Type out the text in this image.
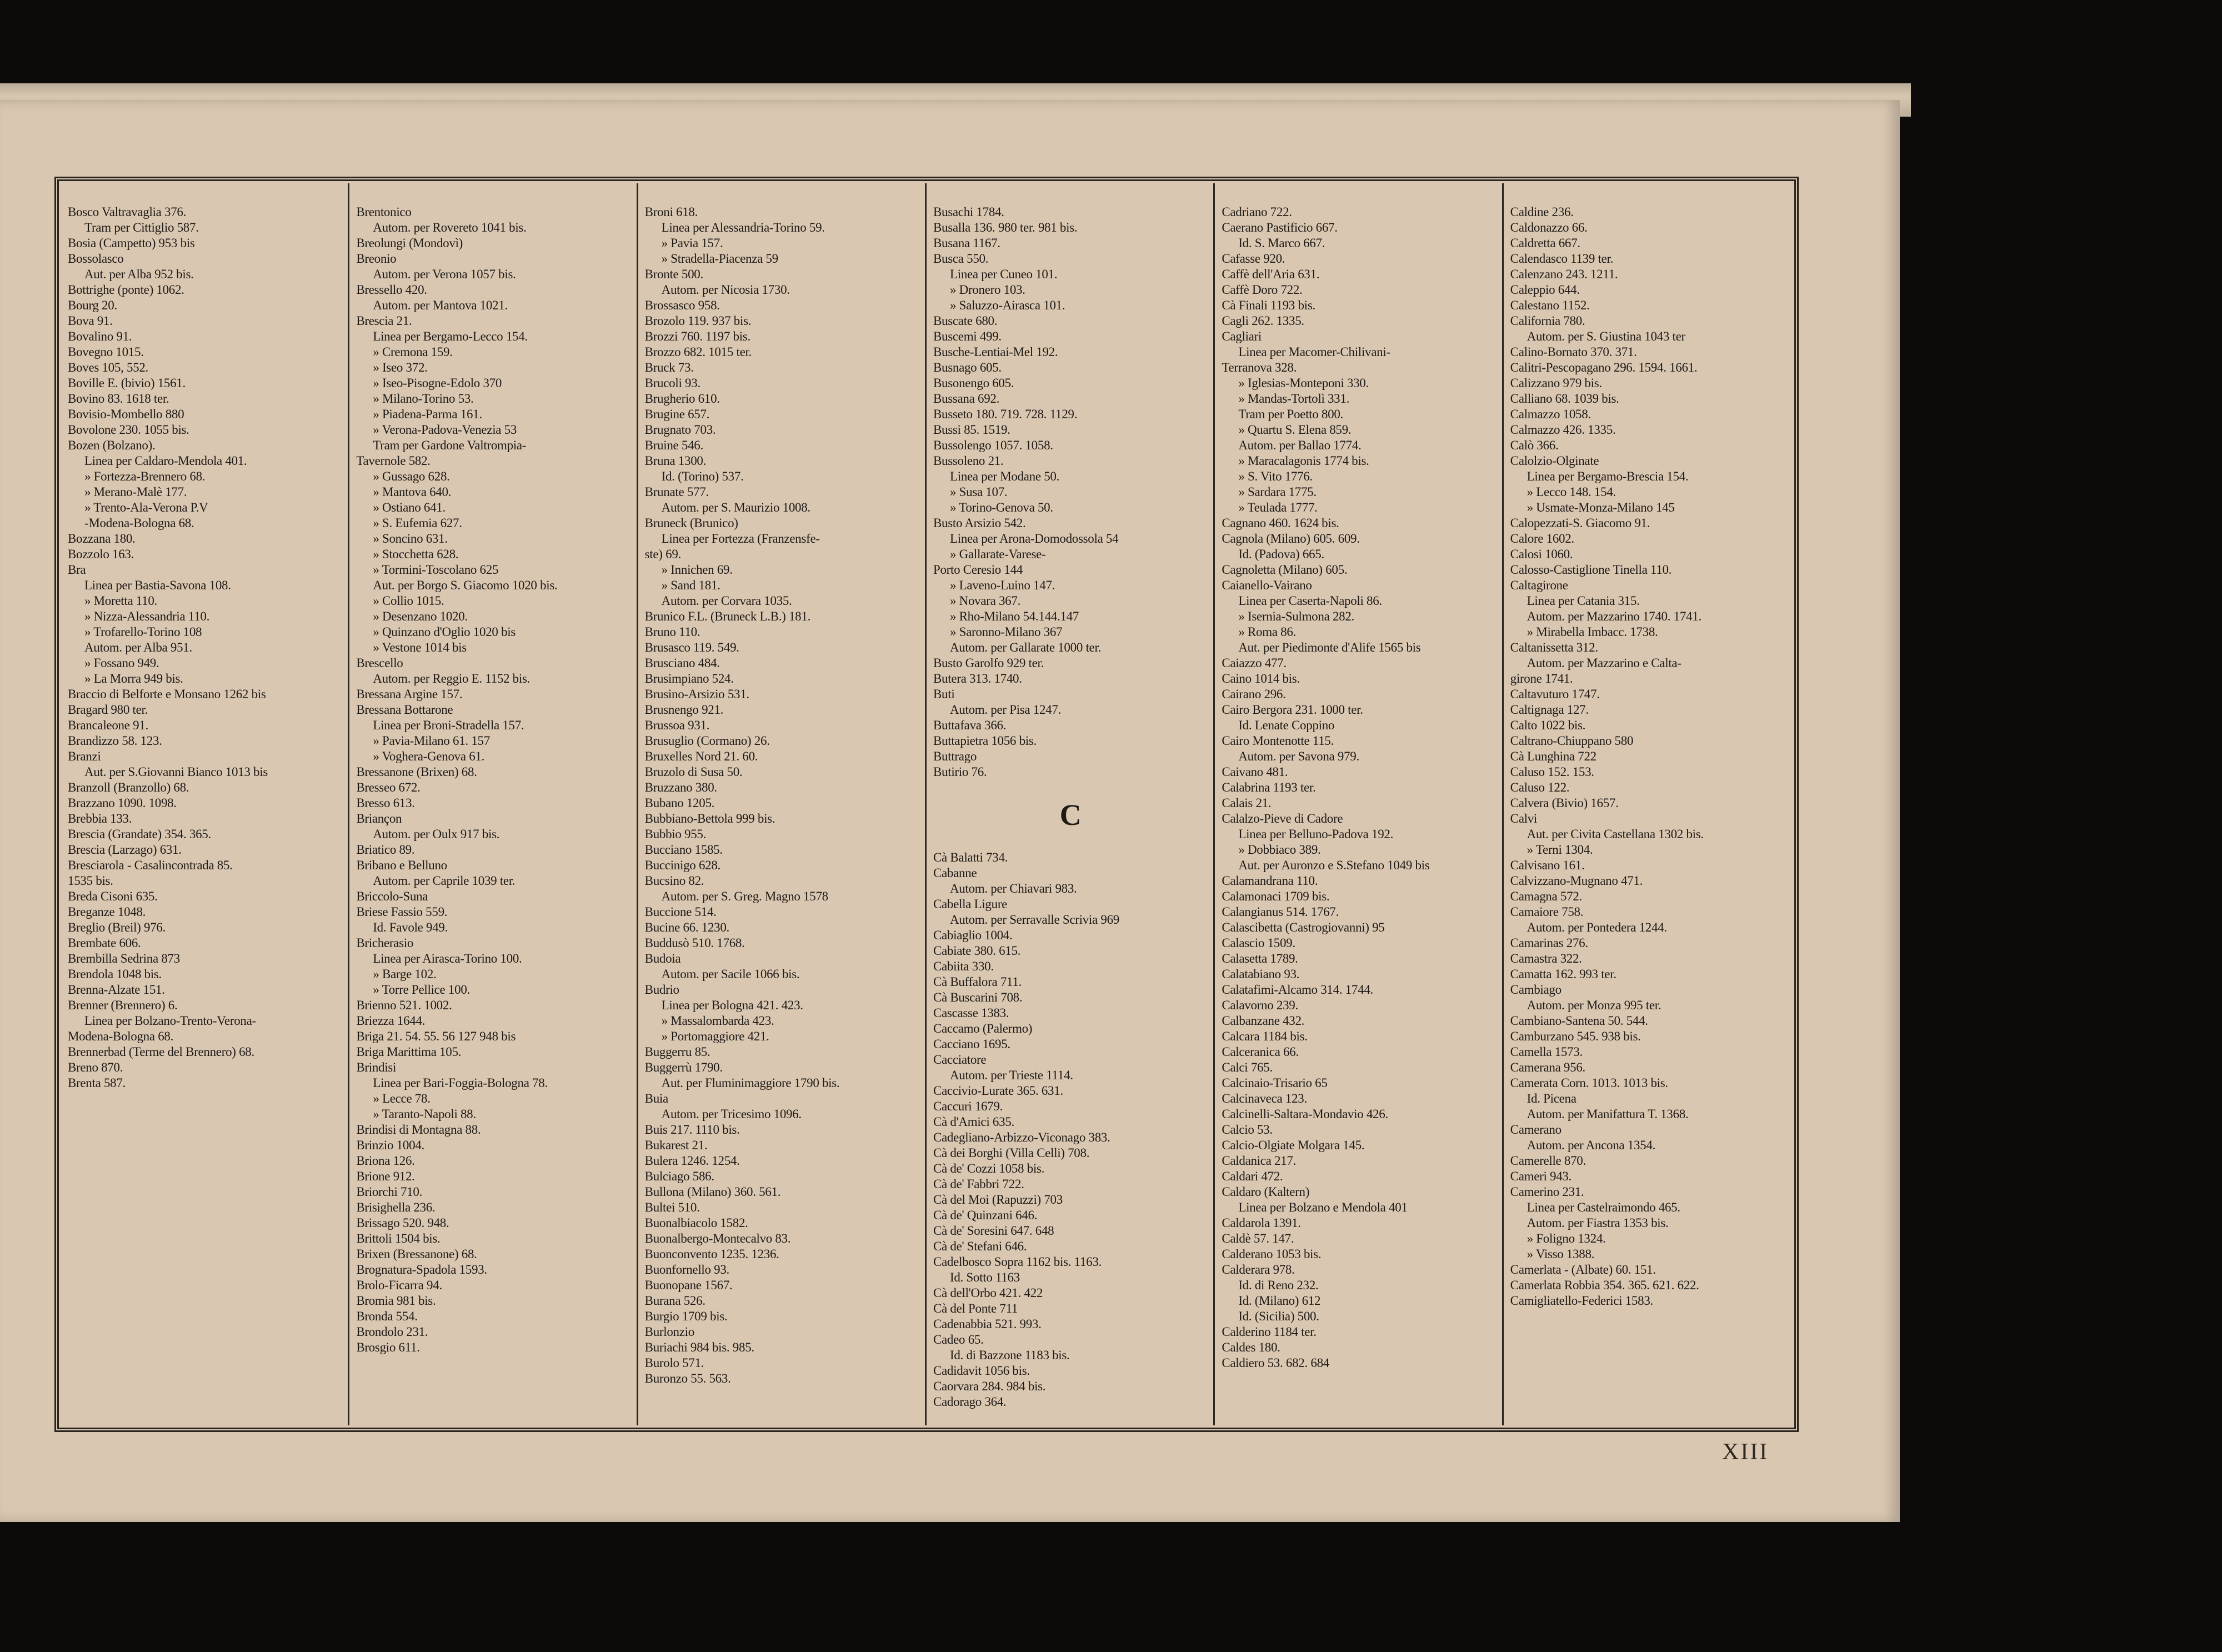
Bosco Valtravaglia 376.
Tram per Cittiglio 587.
Bosia (Campetto) 953 bis
Bossolasco
Aut. per Alba 952 bis.
Bottrighe (ponte) 1062.
Bourg 20.
Bova 91.
Bovalino 91.
Bovegno 1015.
Boves 105, 552.
Boville E. (bivio) 1561.
Bovino 83. 1618 ter.
Bovisio-Mombello 880
Bovolone 230. 1055 bis.
Bozen (Bolzano).
Linea per Caldaro-Mendola 401.
» Fortezza-Brennero 68.
» Merano-Malè 177.
» Trento-Ala-Verona P.V
-Modena-Bologna 68.
Bozzana 180.
Bozzolo 163.
Bra
Linea per Bastia-Savona 108.
» Moretta 110.
» Nizza-Alessandria 110.
» Trofarello-Torino 108
Autom. per Alba 951.
» Fossano 949.
» La Morra 949 bis.
Braccio di Belforte e Monsano 1262 bis
Bragard 980 ter.
Brancaleone 91.
Brandizzo 58. 123.
Branzi
Aut. per S.Giovanni Bianco 1013 bis
Branzoll (Branzollo) 68.
Brazzano 1090. 1098.
Brebbia 133.
Brescia (Grandate) 354. 365.
Brescia (Larzago) 631.
Bresciarola - Casalincontrada 85.
1535 bis.
Breda Cisoni 635.
Breganze 1048.
Breglio (Breil) 976.
Brembate 606.
Brembilla Sedrina 873
Brendola 1048 bis.
Brenna-Alzate 151.
Brenner (Brennero) 6.
Linea per Bolzano-Trento-Verona-
Modena-Bologna 68.
Brennerbad (Terme del Brennero) 68.
Breno 870.
Brenta 587.
Brentonico
Autom. per Rovereto 1041 bis.
Breolungi (Mondovì)
Breonio
Autom. per Verona 1057 bis.
Bressello 420.
Autom. per Mantova 1021.
Brescia 21.
Linea per Bergamo-Lecco 154.
» Cremona 159.
» Iseo 372.
» Iseo-Pisogne-Edolo 370
» Milano-Torino 53.
» Piadena-Parma 161.
» Verona-Padova-Venezia 53
Tram per Gardone Valtrompia-
Tavernole 582.
» Gussago 628.
» Mantova 640.
» Ostiano 641.
» S. Eufemia 627.
» Soncino 631.
» Stocchetta 628.
» Tormini-Toscolano 625
Aut. per Borgo S. Giacomo 1020 bis.
» Collio 1015.
» Desenzano 1020.
» Quinzano d'Oglio 1020 bis
» Vestone 1014 bis
Brescello
Autom. per Reggio E. 1152 bis.
Bressana Argine 157.
Bressana Bottarone
Linea per Broni-Stradella 157.
» Pavia-Milano 61. 157
» Voghera-Genova 61.
Bressanone (Brixen) 68.
Bresseo 672.
Bresso 613.
Briançon
Autom. per Oulx 917 bis.
Briatico 89.
Bribano e Belluno
Autom. per Caprile 1039 ter.
Briccolo-Suna
Briese Fassio 559.
Id. Favole 949.
Bricherasio
Linea per Airasca-Torino 100.
» Barge 102.
» Torre Pellice 100.
Brienno 521. 1002.
Briezza 1644.
Briga 21. 54. 55. 56 127 948 bis
Briga Marittima 105.
Brindisi
Linea per Bari-Foggia-Bologna 78.
» Lecce 78.
» Taranto-Napoli 88.
Brindisi di Montagna 88.
Brinzio 1004.
Briona 126.
Brione 912.
Briorchi 710.
Brisighella 236.
Brissago 520. 948.
Brittoli 1504 bis.
Brixen (Bressanone) 68.
Brognatura-Spadola 1593.
Brolo-Ficarra 94.
Bromia 981 bis.
Bronda 554.
Brondolo 231.
Brosgio 611.
Broni 618.
Linea per Alessandria-Torino 59.
» Pavia 157.
» Stradella-Piacenza 59
Bronte 500.
Autom. per Nicosia 1730.
Brossasco 958.
Brozolo 119. 937 bis.
Brozzi 760. 1197 bis.
Brozzo 682. 1015 ter.
Bruck 73.
Brucoli 93.
Brugherio 610.
Brugine 657.
Brugnato 703.
Bruine 546.
Bruna 1300.
Id. (Torino) 537.
Brunate 577.
Autom. per S. Maurizio 1008.
Bruneck (Brunico)
Linea per Fortezza (Franzensfe-
ste) 69.
» Innichen 69.
» Sand 181.
Autom. per Corvara 1035.
Brunico F.L. (Bruneck L.B.) 181.
Bruno 110.
Brusasco 119. 549.
Brusciano 484.
Brusimpiano 524.
Brusino-Arsizio 531.
Brusnengo 921.
Brussoa 931.
Brusuglio (Cormano) 26.
Bruxelles Nord 21. 60.
Bruzolo di Susa 50.
Bruzzano 380.
Bubano 1205.
Bubbiano-Bettola 999 bis.
Bubbio 955.
Bucciano 1585.
Buccinigo 628.
Bucsino 82.
Autom. per S. Greg. Magno 1578
Buccione 514.
Bucine 66. 1230.
Buddusò 510. 1768.
Budoia
Autom. per Sacile 1066 bis.
Budrio
Linea per Bologna 421. 423.
» Massalombarda 423.
» Portomaggiore 421.
Buggerru 85.
Buggerrù 1790.
Aut. per Fluminimaggiore 1790 bis.
Buia
Autom. per Tricesimo 1096.
Buis 217. 1110 bis.
Bukarest 21.
Bulera 1246. 1254.
Bulciago 586.
Bullona (Milano) 360. 561.
Bultei 510.
Buonalbiacolo 1582.
Buonalbergo-Montecalvo 83.
Buonconvento 1235. 1236.
Buonfornello 93.
Buonopane 1567.
Burana 526.
Burgio 1709 bis.
Burlonzio
Buriachi 984 bis. 985.
Burolo 571.
Buronzo 55. 563.
Busachi 1784.
Busalla 136. 980 ter. 981 bis.
Busana 1167.
Busca 550.
Linea per Cuneo 101.
» Dronero 103.
» Saluzzo-Airasca 101.
Buscate 680.
Buscemi 499.
Busche-Lentiai-Mel 192.
Busnago 605.
Busonengo 605.
Bussana 692.
Busseto 180. 719. 728. 1129.
Bussi 85. 1519.
Bussolengo 1057. 1058.
Bussoleno 21.
Linea per Modane 50.
» Susa 107.
» Torino-Genova 50.
Busto Arsizio 542.
Linea per Arona-Domodossola 54
» Gallarate-Varese-
Porto Ceresio 144
» Laveno-Luino 147.
» Novara 367.
» Rho-Milano 54.144.147
» Saronno-Milano 367
Autom. per Gallarate 1000 ter.
Busto Garolfo 929 ter.
Butera 313. 1740.
Buti
Autom. per Pisa 1247.
Buttafava 366.
Buttapietra 1056 bis.
Buttrago
Butirio 76.

C

Cà Balatti 734.
Cabanne
Autom. per Chiavari 983.
Cabella Ligure
Autom. per Serravalle Scrivia 969
Cabiaglio 1004.
Cabiate 380. 615.
Cabiita 330.
Cà Buffalora 711.
Cà Buscarini 708.
Cascasse 1383.
Caccamo (Palermo)
Cacciano 1695.
Cacciatore
Autom. per Trieste 1114.
Caccivio-Lurate 365. 631.
Caccuri 1679.
Cà d'Amici 635.
Cadegliano-Arbizzo-Viconago 383.
Cà dei Borghi (Villa Celli) 708.
Cà de' Cozzi 1058 bis.
Cà de' Fabbri 722.
Cà del Moi (Rapuzzi) 703
Cà de' Quinzani 646.
Cà de' Soresini 647. 648
Cà de' Stefani 646.
Cadelbosco Sopra 1162 bis. 1163.
Id. Sotto 1163
Cà dell'Orbo 421. 422
Cà del Ponte 711
Cadenabbia 521. 993.
Cadeo 65.
Id. di Bazzone 1183 bis.
Cadidavit 1056 bis.
Caorvara 284. 984 bis.
Cadorago 364.
Cadriano 722.
Caerano Pastificio 667.
Id. S. Marco 667.
Cafasse 920.
Caffè dell'Aria 631.
Caffè Doro 722.
Cà Finali 1193 bis.
Cagli 262. 1335.
Cagliari
Linea per Macomer-Chilivani-
Terranova 328.
» Iglesias-Monteponi 330.
» Mandas-Tortolì 331.
Tram per Poetto 800.
» Quartu S. Elena 859.
Autom. per Ballao 1774.
» Maracalagonis 1774 bis.
» S. Vito 1776.
» Sardara 1775.
» Teulada 1777.
Cagnano 460. 1624 bis.
Cagnola (Milano) 605. 609.
Id. (Padova) 665.
Cagnoletta (Milano) 605.
Caianello-Vairano
Linea per Caserta-Napoli 86.
» Isernia-Sulmona 282.
» Roma 86.
Aut. per Piedimonte d'Alife 1565 bis
Caiazzo 477.
Caino 1014 bis.
Cairano 296.
Cairo Bergora 231. 1000 ter.
Id. Lenate Coppino
Cairo Montenotte 115.
Autom. per Savona 979.
Caivano 481.
Calabrina 1193 ter.
Calais 21.
Calalzo-Pieve di Cadore
Linea per Belluno-Padova 192.
» Dobbiaco 389.
Aut. per Auronzo e S.Stefano 1049 bis
Calamandrana 110.
Calamonaci 1709 bis.
Calangianus 514. 1767.
Calascibetta (Castrogiovanni) 95
Calascio 1509.
Calasetta 1789.
Calatabiano 93.
Calatafimi-Alcamo 314. 1744.
Calavorno 239.
Calbanzane 432.
Calcara 1184 bis.
Calceranica 66.
Calci 765.
Calcinaio-Trisario 65
Calcinaveca 123.
Calcinelli-Saltara-Mondavio 426.
Calcio 53.
Calcio-Olgiate Molgara 145.
Caldanica 217.
Caldari 472.
Caldaro (Kaltern)
Linea per Bolzano e Mendola 401
Caldarola 1391.
Caldè 57. 147.
Calderano 1053 bis.
Calderara 978.
Id. di Reno 232.
Id. (Milano) 612
Id. (Sicilia) 500.
Calderino 1184 ter.
Caldes 180.
Caldiero 53. 682. 684
Caldine 236.
Caldonazzo 66.
Caldretta 667.
Calendasco 1139 ter.
Calenzano 243. 1211.
Caleppio 644.
Calestano 1152.
California 780.
Autom. per S. Giustina 1043 ter
Calino-Bornato 370. 371.
Calitri-Pescopagano 296. 1594. 1661.
Calizzano 979 bis.
Calliano 68. 1039 bis.
Calmazzo 1058.
Calmazzo 426. 1335.
Calò 366.
Calolzio-Olginate
Linea per Bergamo-Brescia 154.
» Lecco 148. 154.
» Usmate-Monza-Milano 145
Calopezzati-S. Giacomo 91.
Calore 1602.
Calosi 1060.
Calosso-Castiglione Tinella 110.
Caltagirone
Linea per Catania 315.
Autom. per Mazzarino 1740. 1741.
» Mirabella Imbacc. 1738.
Caltanissetta 312.
Autom. per Mazzarino e Calta-
girone 1741.
Caltavuturo 1747.
Caltignaga 127.
Calto 1022 bis.
Caltrano-Chiuppano 580
Cà Lunghina 722
Caluso 152. 153.
Caluso 122.
Calvera (Bivio) 1657.
Calvi
Aut. per Civita Castellana 1302 bis.
» Terni 1304.
Calvisano 161.
Calvizzano-Mugnano 471.
Camagna 572.
Camaiore 758.
Autom. per Pontedera 1244.
Camarinas 276.
Camastra 322.
Camatta 162. 993 ter.
Cambiago
Autom. per Monza 995 ter.
Cambiano-Santena 50. 544.
Camburzano 545. 938 bis.
Camella 1573.
Camerana 956.
Camerata Corn. 1013. 1013 bis.
Id. Picena
Autom. per Manifattura T. 1368.
Camerano
Autom. per Ancona 1354.
Camerelle 870.
Cameri 943.
Camerino 231.
Linea per Castelraimondo 465.
Autom. per Fiastra 1353 bis.
» Foligno 1324.
» Visso 1388.
Camerlata - (Albate) 60. 151.
Camerlata Robbia 354. 365. 621. 622.
Camigliatello-Federici 1583.
XIII
